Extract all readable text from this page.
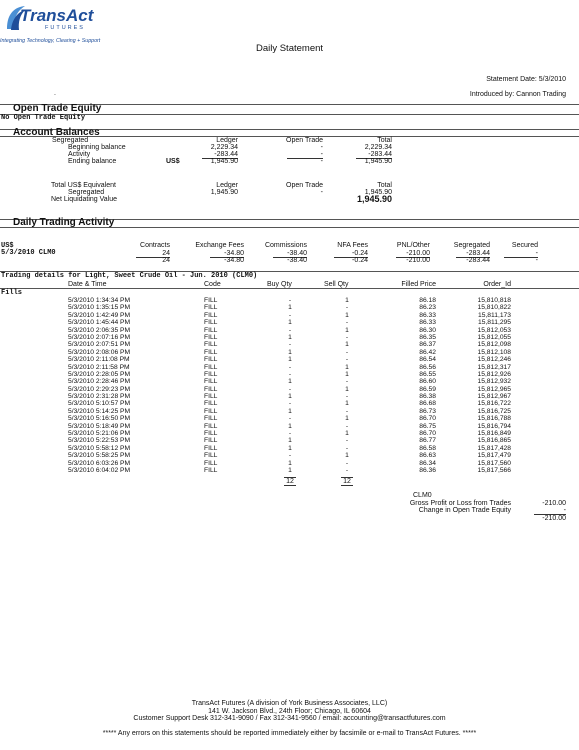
TransAct
FUTURES
Integrating Technology, Clearing + Support
Daily Statement
Statement Date: 5/3/2010
Introduced by: Cannon Trading
.
Open Trade Equity
No Open Trade Equity
Account Balances
Segregated	Ledger	Open Trade	Total
Beginning balance	2,229.34	-	2,229.34
Activity	-283.44	-	-283.44
Ending balance	US$	1,945.90	-	1,945.90
Total US$ Equivalent	Ledger	Open Trade	Total
Segregated	1,945.90	-	1,945.90
Net Liquidating Value	1,945.90
Daily Trading Activity
US$	Contracts	Exchange Fees	Commissions	NFA Fees	PNL/Other	Segregated	Secured
5/3/2010 CLM0	24	-34.80	-38.40	-0.24	-210.00	-283.44	-
24	-34.80	-38.40	-0.24	-210.00	-283.44	-
Trading details for Light, Sweet Crude Oil - Jun. 2010 (CLM0)
Date & Time	Code	Buy Qty	Sell Qty	Filled Price	Order_Id
Fills
5/3/2010 1:34:34 PM	FILL	-	1	86.18	15,810,818
5/3/2010 1:35:15 PM	FILL	1	-	86.23	15,810,822
5/3/2010 1:42:49 PM	FILL	-	1	86.33	15,811,173
5/3/2010 1:45:44 PM	FILL	1	-	86.33	15,811,295
5/3/2010 2:06:35 PM	FILL	-	1	86.30	15,812,053
5/3/2010 2:07:16 PM	FILL	1	-	86.35	15,812,055
5/3/2010 2:07:51 PM	FILL	-	1	86.37	15,812,098
5/3/2010 2:08:06 PM	FILL	1	-	86.42	15,812,108
5/3/2010 2:11:08 PM	FILL	1	-	86.54	15,812,246
5/3/2010 2:11:58 PM	FILL	-	1	86.56	15,812,317
5/3/2010 2:28:05 PM	FILL	-	1	86.55	15,812,926
5/3/2010 2:28:46 PM	FILL	1	-	86.60	15,812,932
5/3/2010 2:29:23 PM	FILL	-	1	86.59	15,812,965
5/3/2010 2:31:28 PM	FILL	1	-	86.38	15,812,967
5/3/2010 5:10:57 PM	FILL	-	1	86.68	15,816,722
5/3/2010 5:14:25 PM	FILL	1	-	86.73	15,816,725
5/3/2010 5:16:50 PM	FILL	-	1	86.70	15,816,788
5/3/2010 5:18:49 PM	FILL	1	-	86.75	15,816,794
5/3/2010 5:21:06 PM	FILL	-	1	86.70	15,816,849
5/3/2010 5:22:53 PM	FILL	1	-	86.77	15,816,865
5/3/2010 5:58:12 PM	FILL	1	-	86.58	15,817,428
5/3/2010 5:58:25 PM	FILL	-	1	86.63	15,817,479
5/3/2010 6:03:26 PM	FILL	1	-	86.34	15,817,560
5/3/2010 6:04:02 PM	FILL	1	-	86.36	15,817,566
12	12
CLM0
Gross Profit or Loss from Trades	-210.00
Change in Open Trade Equity	-
-210.00
TransAct Futures (A division of York Business Associates, LLC)
141 W. Jackson Blvd., 24th Floor; Chicago, IL 60604
Customer Support Desk 312-341-9090 / Fax 312-341-9560 / email: accounting@transactfutures.com
***** Any errors on this statements should be reported immediately either by facsimile or e-mail to TransAct Futures. *****
